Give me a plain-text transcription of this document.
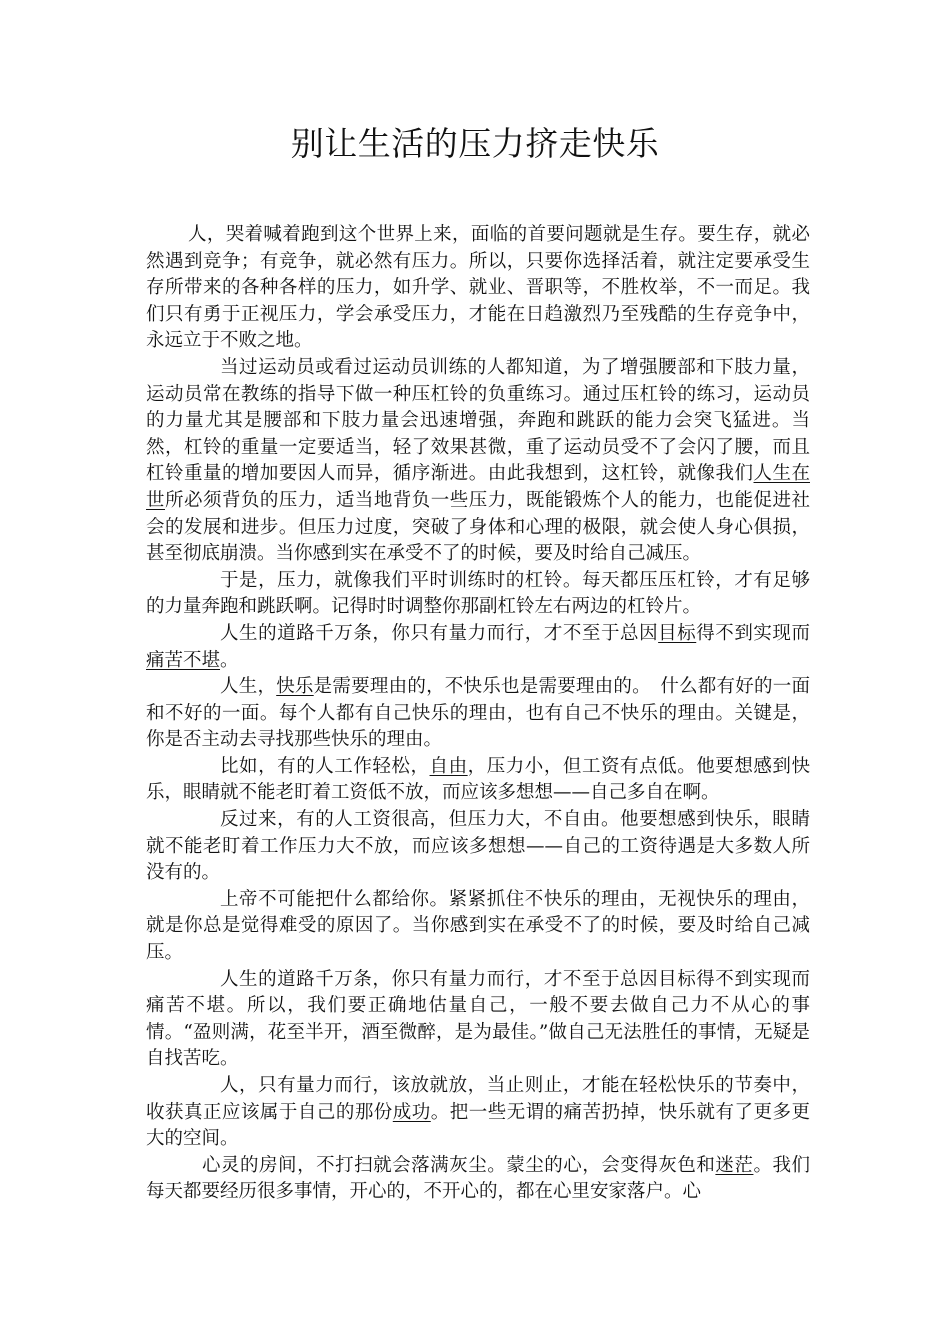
别让生活的压力挤走快乐

人，哭着喊着跑到这个世界上来，面临的首要问题就是生存。要生存，就必然遇到竞争；有竞争，就必然有压力。所以，只要你选择活着，就注定要承受生存所带来的各种各样的压力，如升学、就业、晋职等，不胜枚举，不一而足。我们只有勇于正视压力，学会承受压力，才能在日趋激烈乃至残酷的生存竞争中，永远立于不败之地。

当过运动员或看过运动员训练的人都知道，为了增强腰部和下肢力量，运动员常在教练的指导下做一种压杠铃的负重练习。通过压杠铃的练习，运动员的力量尤其是腰部和下肢力量会迅速增强，奔跑和跳跃的能力会突飞猛进。当然，杠铃的重量一定要适当，轻了效果甚微，重了运动员受不了会闪了腰，而且杠铃重量的增加要因人而异，循序渐进。由此我想到，这杠铃，就像我们人生在世所必须背负的压力，适当地背负一些压力，既能锻炼个人的能力，也能促进社会的发展和进步。但压力过度，突破了身体和心理的极限，就会使人身心俱损，甚至彻底崩溃。当你感到实在承受不了的时候，要及时给自己减压。

于是，压力，就像我们平时训练时的杠铃。每天都压压杠铃，才有足够的力量奔跑和跳跃啊。记得时时调整你那副杠铃左右两边的杠铃片。

人生的道路千万条，你只有量力而行，才不至于总因目标得不到实现而痛苦不堪。

人生，快乐是需要理由的，不快乐也是需要理由的。　什么都有好的一面和不好的一面。每个人都有自己快乐的理由，也有自己不快乐的理由。关键是，你是否主动去寻找那些快乐的理由。

比如，有的人工作轻松，自由，压力小，但工资有点低。他要想感到快乐，眼睛就不能老盯着工资低不放，而应该多想想——自己多自在啊。

反过来，有的人工资很高，但压力大，不自由。他要想感到快乐，眼睛就不能老盯着工作压力大不放，而应该多想想——自己的工资待遇是大多数人所没有的。

上帝不可能把什么都给你。紧紧抓住不快乐的理由，无视快乐的理由，就是你总是觉得难受的原因了。当你感到实在承受不了的时候，要及时给自己减压。

人生的道路千万条，你只有量力而行，才不至于总因目标得不到实现而痛苦不堪。所以，我们要正确地估量自己，一般不要去做自己力不从心的事情。“盈则满，花至半开，酒至微醉，是为最佳。”做自己无法胜任的事情，无疑是自找苦吃。

人，只有量力而行，该放就放，当止则止，才能在轻松快乐的节奏中，收获真正应该属于自己的那份成功。把一些无谓的痛苦扔掉，快乐就有了更多更大的空间。

心灵的房间，不打扫就会落满灰尘。蒙尘的心，会变得灰色和迷茫。我们每天都要经历很多事情，开心的，不开心的，都在心里安家落户。心
